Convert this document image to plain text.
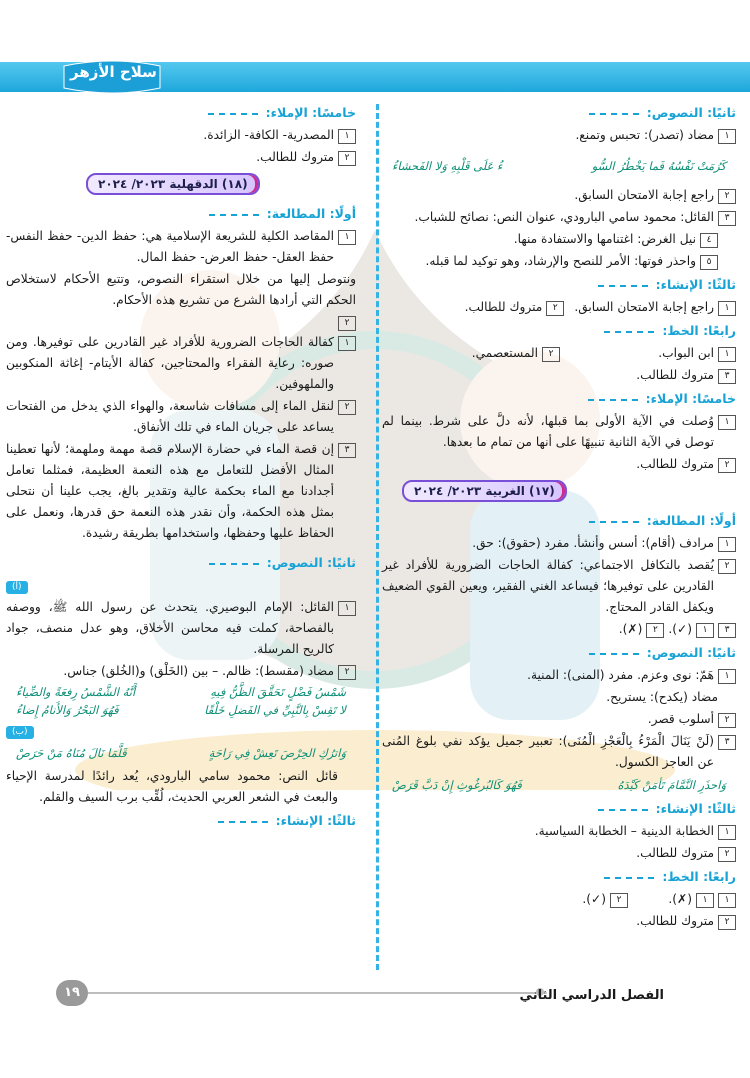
سلاح الأزهر
ثانيًا: النصوص:
١
مضاد (تصدر): تحبس وتمنع.
كَرُمَتْ نَفْسُهُ فَما يَخْطُرُ السُّو
ءُ عَلَى قَلْبِهِ وَلا الفَحشاءُ
٢
راجع إجابة الامتحان السابق.
٣
القائل: محمود سامي البارودي، عنوان النص: نصائح للشباب.
٤
نيل الغرض: اغتنامها والاستفادة منها.
٥
واحذر فوتها: الأمر للنصح والإرشاد، وهو توكيد لما قبله.
ثالثًا: الإنشاء:
١
راجع إجابة الامتحان السابق.
٢
متروك للطالب.
رابعًا: الخط:
١
ابن البواب.
٢
المستعصمي.
٣
متروك للطالب.
خامسًا: الإملاء:
١
وُصلت في الآية الأولى بما قبلها، لأنه دلَّ على شرط. بينما لم توصل في الآية الثانية تنبيهًا على أنها من تمام ما بعدها.
٢
متروك للطالب.
(١٧) الغربية ٢٠٢٣/ ٢٠٢٤
أولًا: المطالعة:
١
مرادف (أقام): أسس وأنشأ. مفرد (حقوق): حق.
٢
يُقصد بالتكافل الاجتماعي: كفالة الحاجات الضرورية للأفراد غير القادرين على توفيرها؛ فيساعد الغني الفقير، ويعين القوي الضعيف ويكفل القادر المحتاج.
٣
١
(✓).
٢
(✗).
ثانيًا: النصوص:
١
هَمّ: نوى وعزم. مفرد (المنى): المنية.
مضاد (يكدح): يستريح.
٢
أسلوب قصر.
٣
(لَنْ يَنَالَ الْمَرْءُ بِالْعَجْزِ الْمُنَى): تعبير جميل يؤكد نفي بلوغ المُنى عن العاجز الكسول.
وَاحذَرِ النَّمَّامَ تَأمَنْ كَيْدَهُ
فَهُوَ كَالبُرغُوثِ إِنْ دَبَّ قَرَصْ
ثالثًا: الإنشاء:
١
الخطابة الدينية – الخطابة السياسية.
٢
متروك للطالب.
رابعًا: الخط:
١
١
(✗).
٢
(✓).
٢
متروك للطالب.
خامسًا: الإملاء:
١
المصدرية- الكافة- الزائدة.
٢
متروك للطالب.
(١٨) الدقهلية ٢٠٢٣/ ٢٠٢٤
أولًا: المطالعة:
١
المقاصد الكلية للشريعة الإسلامية هي: حفظ الدين- حفظ النفس- حفظ العقل- حفظ العرض- حفظ المال.
ونتوصل إليها من خلال استقراء النصوص، وتتبع الأحكام لاستخلاص الحكم التي أرادها الشرع من تشريع هذه الأحكام.
٢
١
كفالة الحاجات الضرورية للأفراد غير القادرين على توفيرها. ومن صوره: رعاية الفقراء والمحتاجين، كفالة الأيتام- إغاثة المنكوبين والملهوفين.
٢
لنقل الماء إلى مسافات شاسعة، والهواء الذي يدخل من الفتحات يساعد على جريان الماء في تلك الأنفاق.
٣
إن قصة الماء في حضارة الإسلام قصة مهمة وملهمة؛ لأنها تعطينا المثال الأفضل للتعامل مع هذه النعمة العظيمة، فمثلما تعامل أجدادنا مع الماء بحكمة عالية وتقدير بالغ، يجب علينا أن نتحلى بمثل هذه الحكمة، وأن نقدر هذه النعمة حق قدرها، ونعمل على الحفاظ عليها وحفظها، واستخدامها بطريقة رشيدة.
ثانيًا: النصوص:
(أ)
١
القائل: الإمام البوصيري. يتحدث عن رسول الله ﷺ، ووصفه بالفصاحة، كملت فيه محاسن الأخلاق، وهو عدل منصف، جواد كالريح المرسلة.
٢
مضاد (مقسط): ظالم. – بين (الخَلْق) و(الخُلق) جناس.
شَمْسُ فَضْلٍ تَحَقَّقَ الظَّنُّ فِيهِ
أَنَّهُ الشَّمْسُ رِفعَةً والضِّياءُ
لا تَقِسْ بِالنَّبِيِّ في الفَضلِ خَلْقًا
فَهُوَ البَحْرُ وَالأَنامُ إِضاءُ
(ب)
وَاترُكِ الحِرْصَ تَعِشْ فِي رَاحَةٍ
قَلَّمَا نَالَ مُنَاهُ مَنْ حَرَصْ
قائل النص: محمود سامي البارودي، يُعد رائدًا لمدرسة الإحياء والبعث في الشعر العربي الحديث، لُقِّب برب السيف والقلم.
ثالثًا: الإنشاء:
١٩	الفصل الدراسي الثاني
